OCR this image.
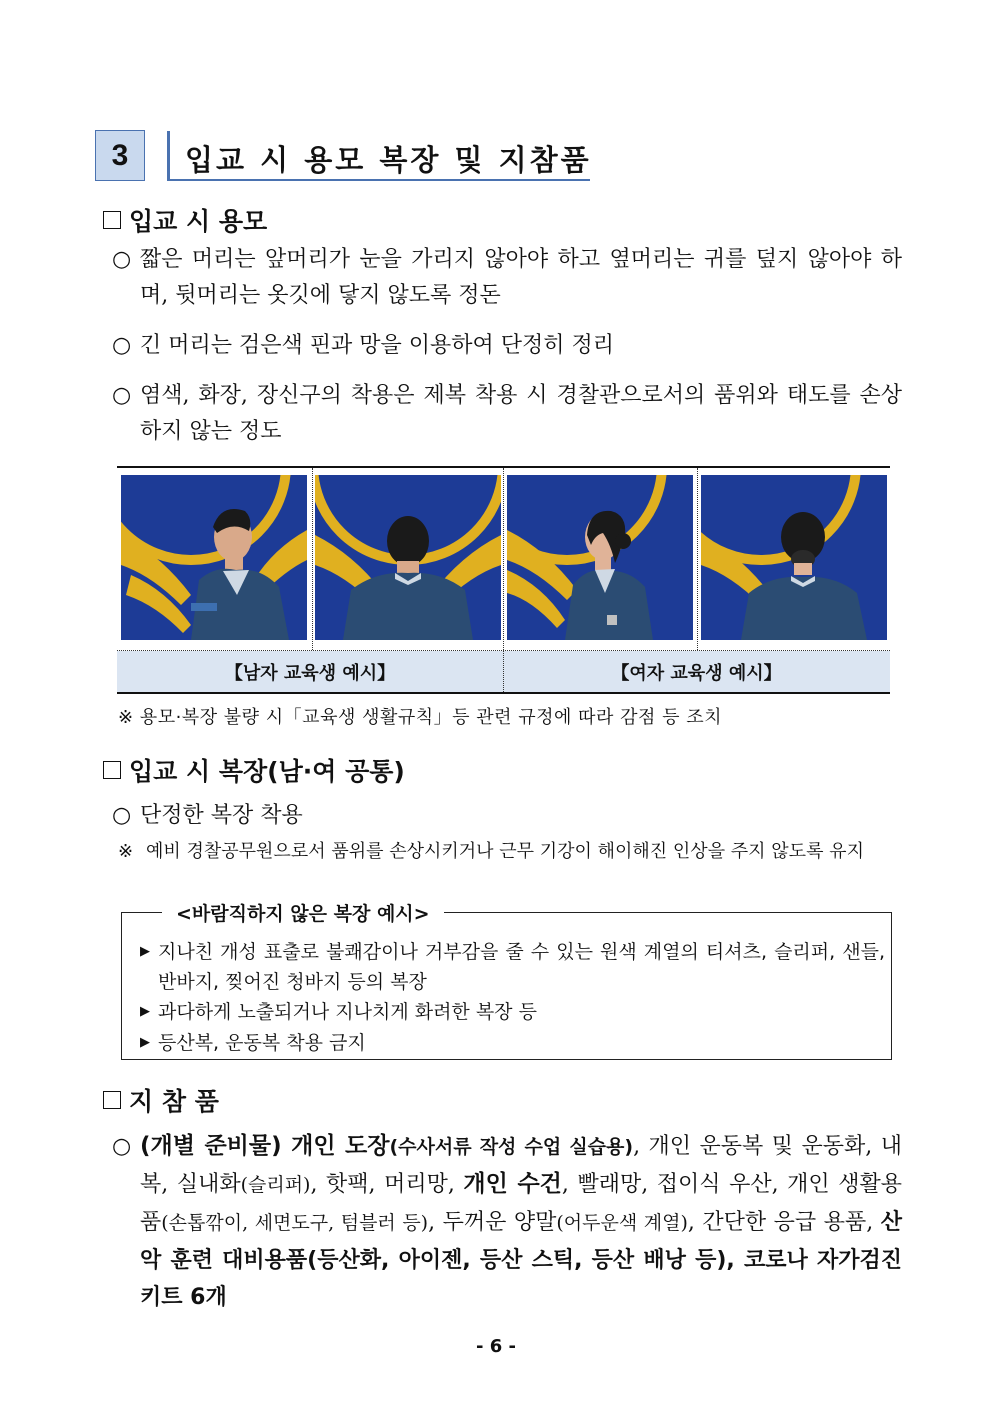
3	입교 시 용모 복장 및 지참품
입교 시 용모
○ 짧은 머리는 앞머리가 눈을 가리지 않아야 하고 옆머리는 귀를 덮지 않아야 하며, 뒷머리는 옷깃에 닿지 않도록 정돈
○ 긴 머리는 검은색 핀과 망을 이용하여 단정히 정리
○ 염색, 화장, 장신구의 착용은 제복 착용 시 경찰관으로서의 품위와 태도를 손상하지 않는 정도
【남자 교육생 예시】	【여자 교육생 예시】
※ 용모·복장 불량 시「교육생 생활규칙」등 관련 규정에 따라 감점 등 조치
입교 시 복장(남·여 공통)
○ 단정한 복장 착용
※ 예비 경찰공무원으로서 품위를 손상시키거나 근무 기강이 해이해진 인상을 주지 않도록 유지
<바람직하지 않은 복장 예시>
▶ 지나친 개성 표출로 불쾌감이나 거부감을 줄 수 있는 원색 계열의 티셔츠, 슬리퍼, 샌들, 반바지, 찢어진 청바지 등의 복장
▶ 과다하게 노출되거나 지나치게 화려한 복장 등
▶ 등산복, 운동복 착용 금지
지 참 품
○ (개별 준비물) 개인 도장(수사서류 작성 수업 실습용), 개인 운동복 및 운동화, 내복, 실내화(슬리퍼), 핫팩, 머리망, 개인 수건, 빨래망, 접이식 우산, 개인 생활용품(손톱깎이, 세면도구, 텀블러 등), 두꺼운 양말(어두운색 계열), 간단한 응급 용품, 산악 훈련 대비용품(등산화, 아이젠, 등산 스틱, 등산 배낭 등), 코로나 자가검진키트 6개
- 6 -
